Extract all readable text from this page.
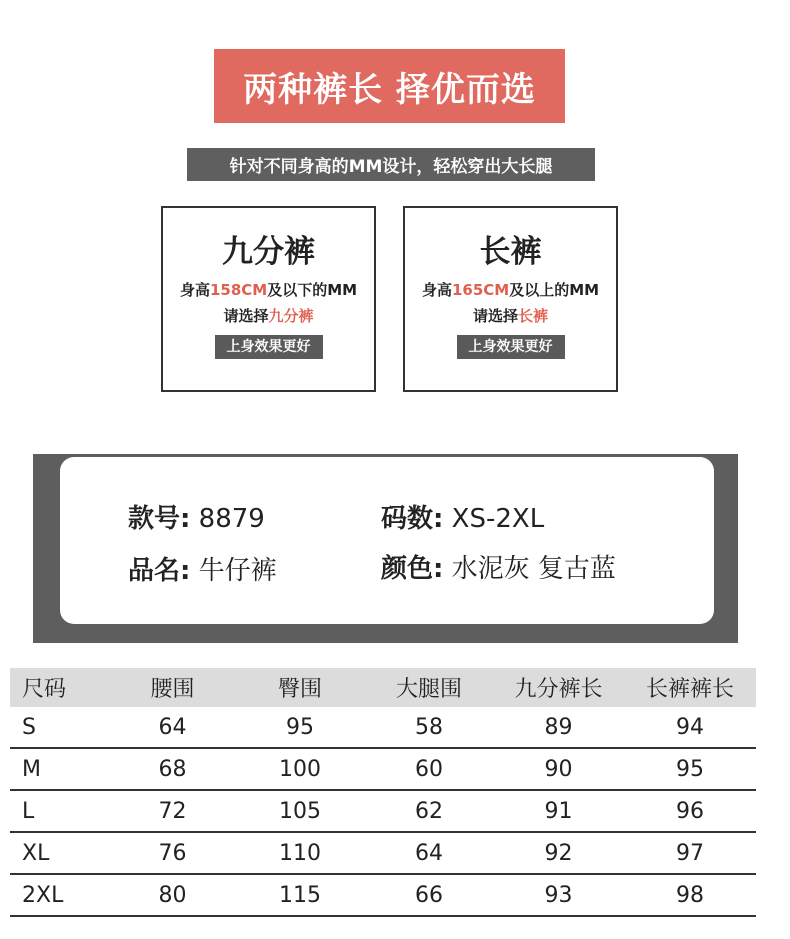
两种裤长 择优而选
针对不同身高的MM设计，轻松穿出大长腿
九分裤
身高158CM及以下的MM
请选择九分裤
上身效果更好
长裤
身高165CM及以上的MM
请选择长裤
上身效果更好
款号: 8879	码数: XS-2XL
品名: 牛仔裤	颜色: 水泥灰 复古蓝
尺码	腰围	臀围	大腿围	九分裤长	长裤裤长
S	64	95	58	89	94
M	68	100	60	90	95
L	72	105	62	91	96
XL	76	110	64	92	97
2XL	80	115	66	93	98
